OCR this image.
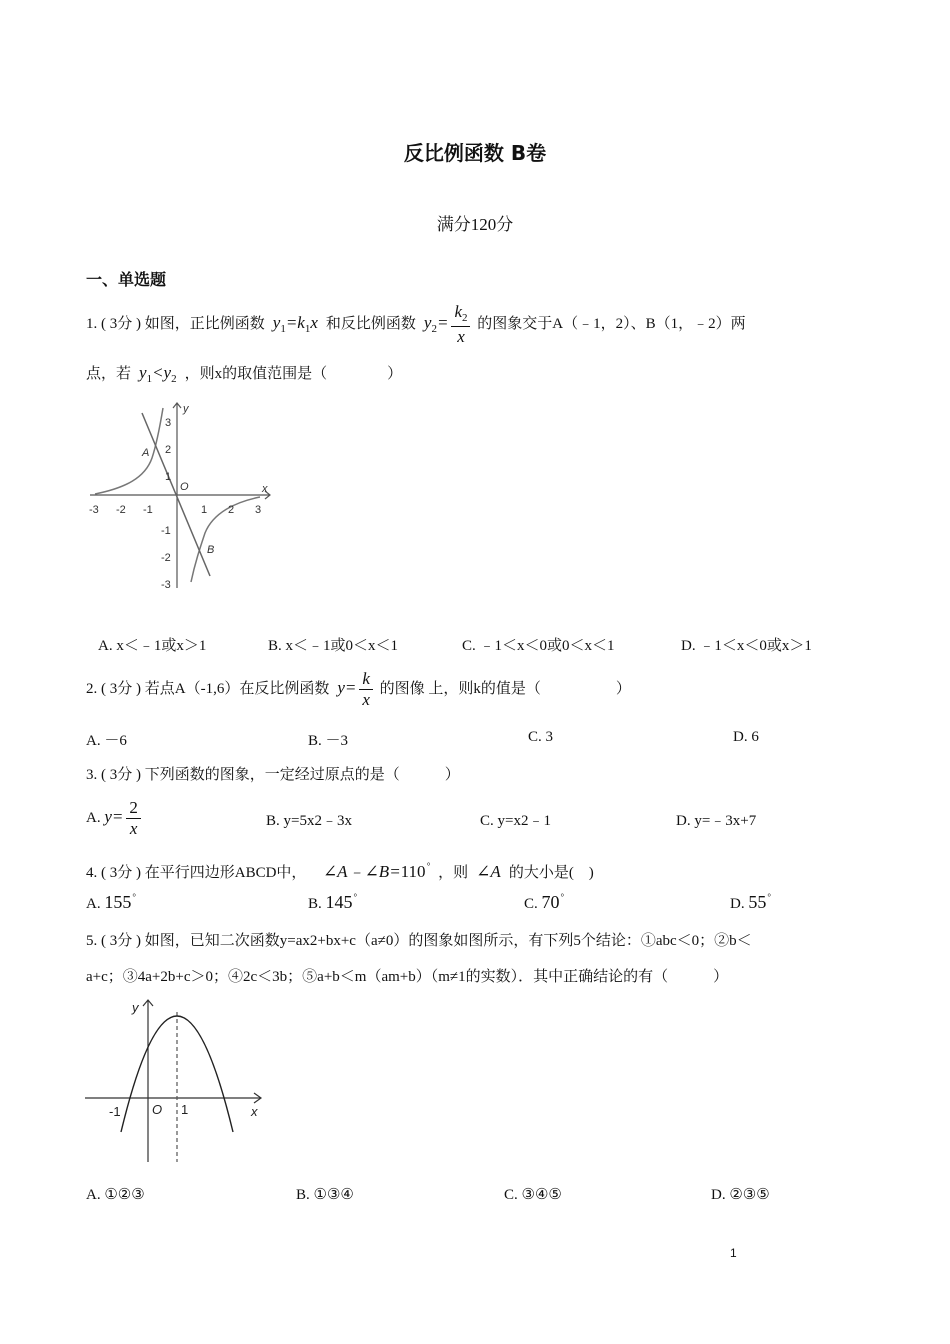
反比例函数 B卷
满分120分
一、单选题
1. ( 3分 ) 如图，正比例函数  $y_1=k_1x$  和反比例函数  $y_2= \frac{k_2}{x}$ 的图象交于A（﹣1，2）、B（1，﹣2）两
点，若  $y_1<y_2$ ，则x的取值范围是（　　　　）
-3 -2 -1	1 2 3
3
2
1
-1
-2
-3
x
y
O
A
B
A. x＜﹣1或x＞1	B. x＜﹣1或0＜x＜1	C. ﹣1＜x＜0或0＜x＜1	D. ﹣1＜x＜0或x＞1
2. ( 3分 ) 若点A（-1,6）在反比例函数  $y= \frac{k}{x}$ 的图像 上，则k的值是（　　　　　）
A. －6	B. －3	C. 3	D. 6
3. ( 3分 ) 下列函数的图象，一定经过原点的是（　　　）
A. $y= \frac{2}{x}$	B. y=5x2﹣3x	C. y=x2﹣1	D. y=﹣3x+7
4. ( 3分 ) 在平行四边形ABCD中，    ∠A﹣∠B=110° ，则  ∠A  的大小是(　)
A. 155°	B. 145°	C. 70°	D. 55°
5. ( 3分 ) 如图，已知二次函数y=ax2+bx+c（a≠0）的图象如图所示，有下列5个结论：①abc＜0；②b＜
a+c；③4a+2b+c＞0；④2c＜3b；⑤a+b＜m（am+b）（m≠1的实数）．其中正确结论的有（　　　）
-1	1
O	x
y
A. ①②③	B. ①③④	C. ③④⑤	D. ②③⑤
1
